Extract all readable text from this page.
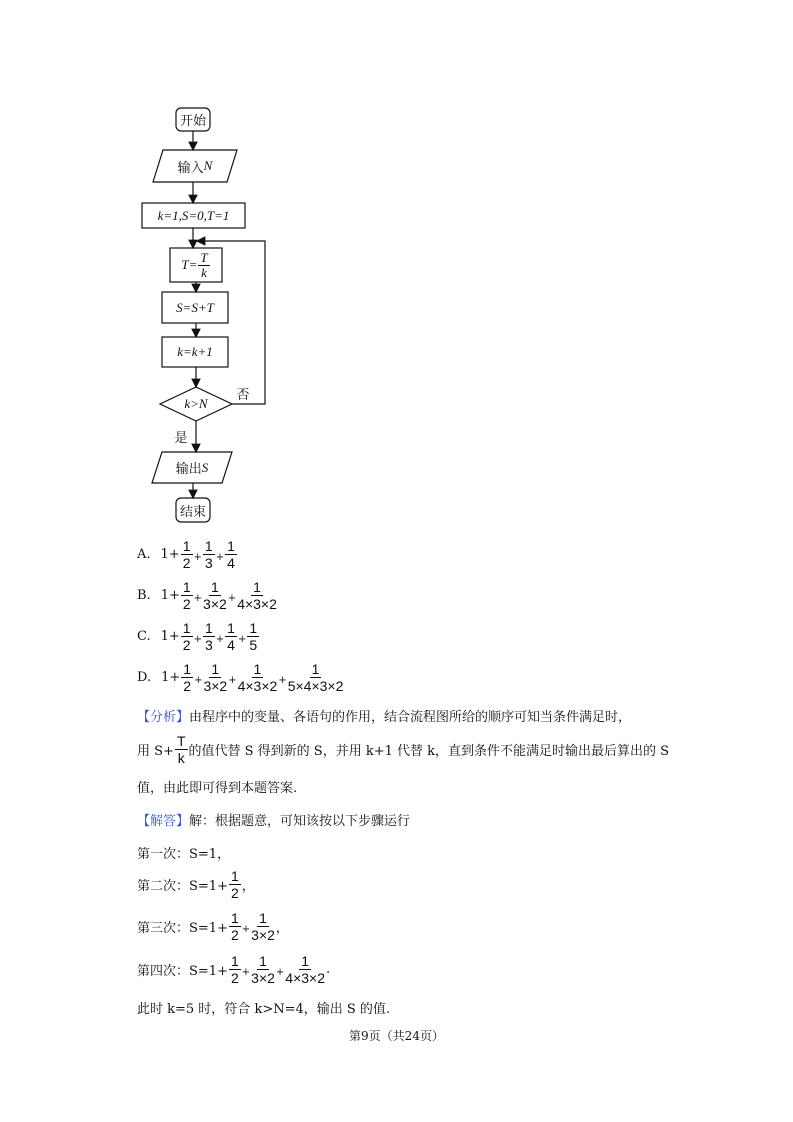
开始
输入 N
k=1,S=0,T=1
$T= \frac{T}{k}$
S=S+T
k=k+1
k>N
否
是
输出 S
结束
A. $1+ \frac{1}{2} + \frac{1}{3} + \frac{1}{4}$
B. $1+ \frac{1}{2} + \frac{1}{3\times 2} + \frac{1}{4\times 3\times 2}$
C. $1+ \frac{1}{2} + \frac{1}{3} + \frac{1}{4} + \frac{1}{5}$
D. $1+ \frac{1}{2} + \frac{1}{3\times 2} + \frac{1}{4\times 3\times 2} + \frac{1}{5\times 4\times 3\times 2}$
【分析】 由程序中的变量、各语句的作用，结合流程图所给的顺序可知当条件满足时，
用 $S+ \frac{T}{k}$ 的值代替 S 得到新的 S，并用 k+1 代替 k，直到条件不能满足时输出最后算出的 S
值，由此即可得到本题答案.
【解答】 解：根据题意，可知该按以下步骤运行
第一次：S=1，
第二次：$S=1+ \frac{1}{2}$ ，
第三次：$S=1+ \frac{1}{2} + \frac{1}{3\times 2}$ ，
第四次：$S=1+ \frac{1}{2} + \frac{1}{3\times 2} + \frac{1}{4\times 3\times 2}$ .
此时 k=5 时，符合 k>N=4，输出 S 的值.
第9页（共24页）
